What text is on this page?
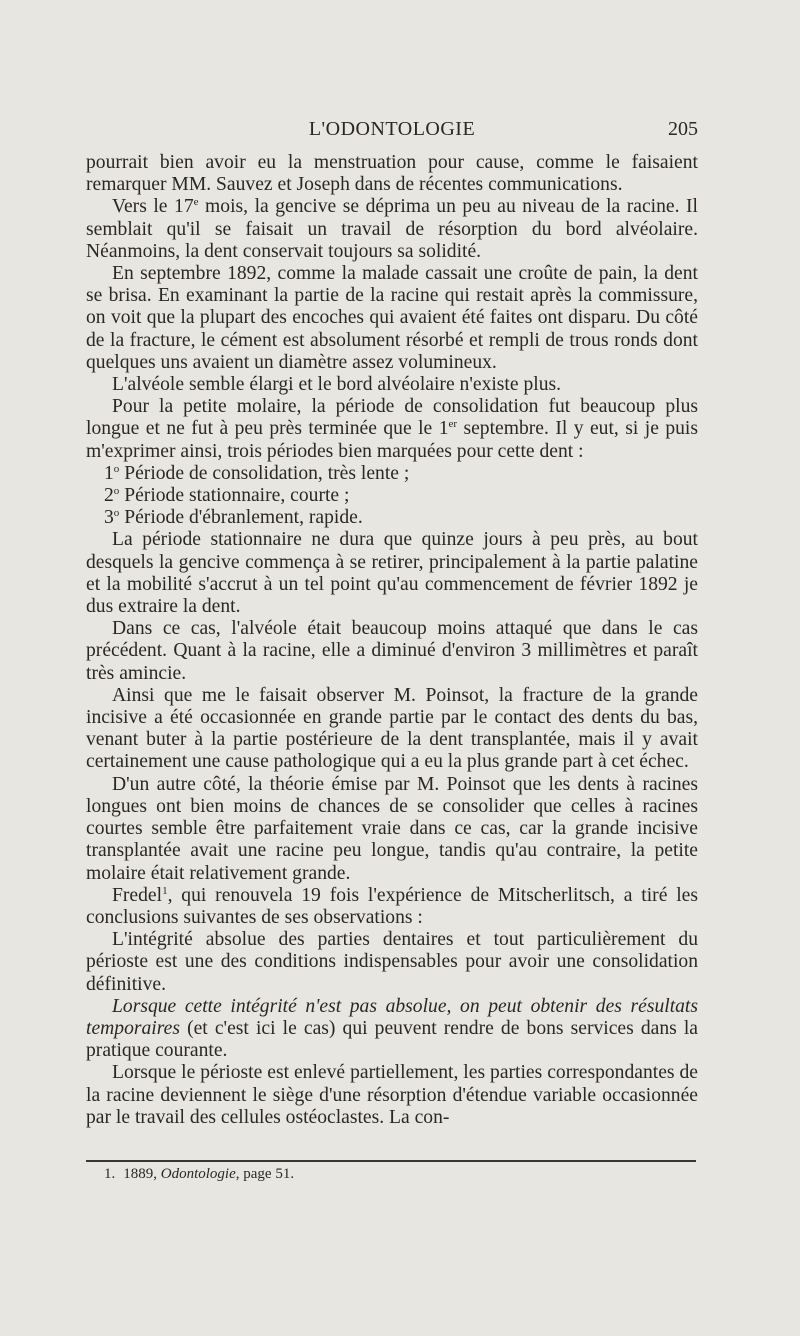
L'ODONTOLOGIE	205

pourrait bien avoir eu la menstruation pour cause, comme le faisaient remarquer MM. Sauvez et Joseph dans de récentes communications.

Vers le 17e mois, la gencive se déprima un peu au niveau de la racine. Il semblait qu'il se faisait un travail de résorption du bord alvéolaire. Néanmoins, la dent conservait toujours sa solidité.

En septembre 1892, comme la malade cassait une croûte de pain, la dent se brisa. En examinant la partie de la racine qui restait après la commissure, on voit que la plupart des encoches qui avaient été faites ont disparu. Du côté de la fracture, le cément est absolument résorbé et rempli de trous ronds dont quelques uns avaient un diamètre assez volumineux.

L'alvéole semble élargi et le bord alvéolaire n'existe plus.

Pour la petite molaire, la période de consolidation fut beaucoup plus longue et ne fut à peu près terminée que le 1er septembre. Il y eut, si je puis m'exprimer ainsi, trois périodes bien marquées pour cette dent :

1$^o$ Période de consolidation, très lente ;

2$^o$ Période stationnaire, courte ;

3$^o$ Période d'ébranlement, rapide.

La période stationnaire ne dura que quinze jours à peu près, au bout desquels la gencive commença à se retirer, principalement à la partie palatine et la mobilité s'accrut à un tel point qu'au commencement de février 1892 je dus extraire la dent.

Dans ce cas, l'alvéole était beaucoup moins attaqué que dans le cas précédent. Quant à la racine, elle a diminué d'environ 3 millimètres et paraît très amincie.

Ainsi que me le faisait observer M. Poinsot, la fracture de la grande incisive a été occasionnée en grande partie par le contact des dents du bas, venant buter à la partie postérieure de la dent transplantée, mais il y avait certainement une cause pathologique qui a eu la plus grande part à cet échec.

D'un autre côté, la théorie émise par M. Poinsot que les dents à racines longues ont bien moins de chances de se consolider que celles à racines courtes semble être parfaitement vraie dans ce cas, car la grande incisive transplantée avait une racine peu longue, tandis qu'au contraire, la petite molaire était relativement grande.

Fredel$^1$, qui renouvela 19 fois l'expérience de Mitscherlitsch, a tiré les conclusions suivantes de ses observations :

L'intégrité absolue des parties dentaires et tout particulièrement du périoste est une des conditions indispensables pour avoir une consolidation définitive.

Lorsque cette intégrité n'est pas absolue, on peut obtenir des résultats temporaires (et c'est ici le cas) qui peuvent rendre de bons services dans la pratique courante.

Lorsque le périoste est enlevé partiellement, les parties correspondantes de la racine deviennent le siège d'une résorption d'étendue variable occasionnée par le travail des cellules ostéoclastes. La con-

1. 1889, Odontologie, page 51.
